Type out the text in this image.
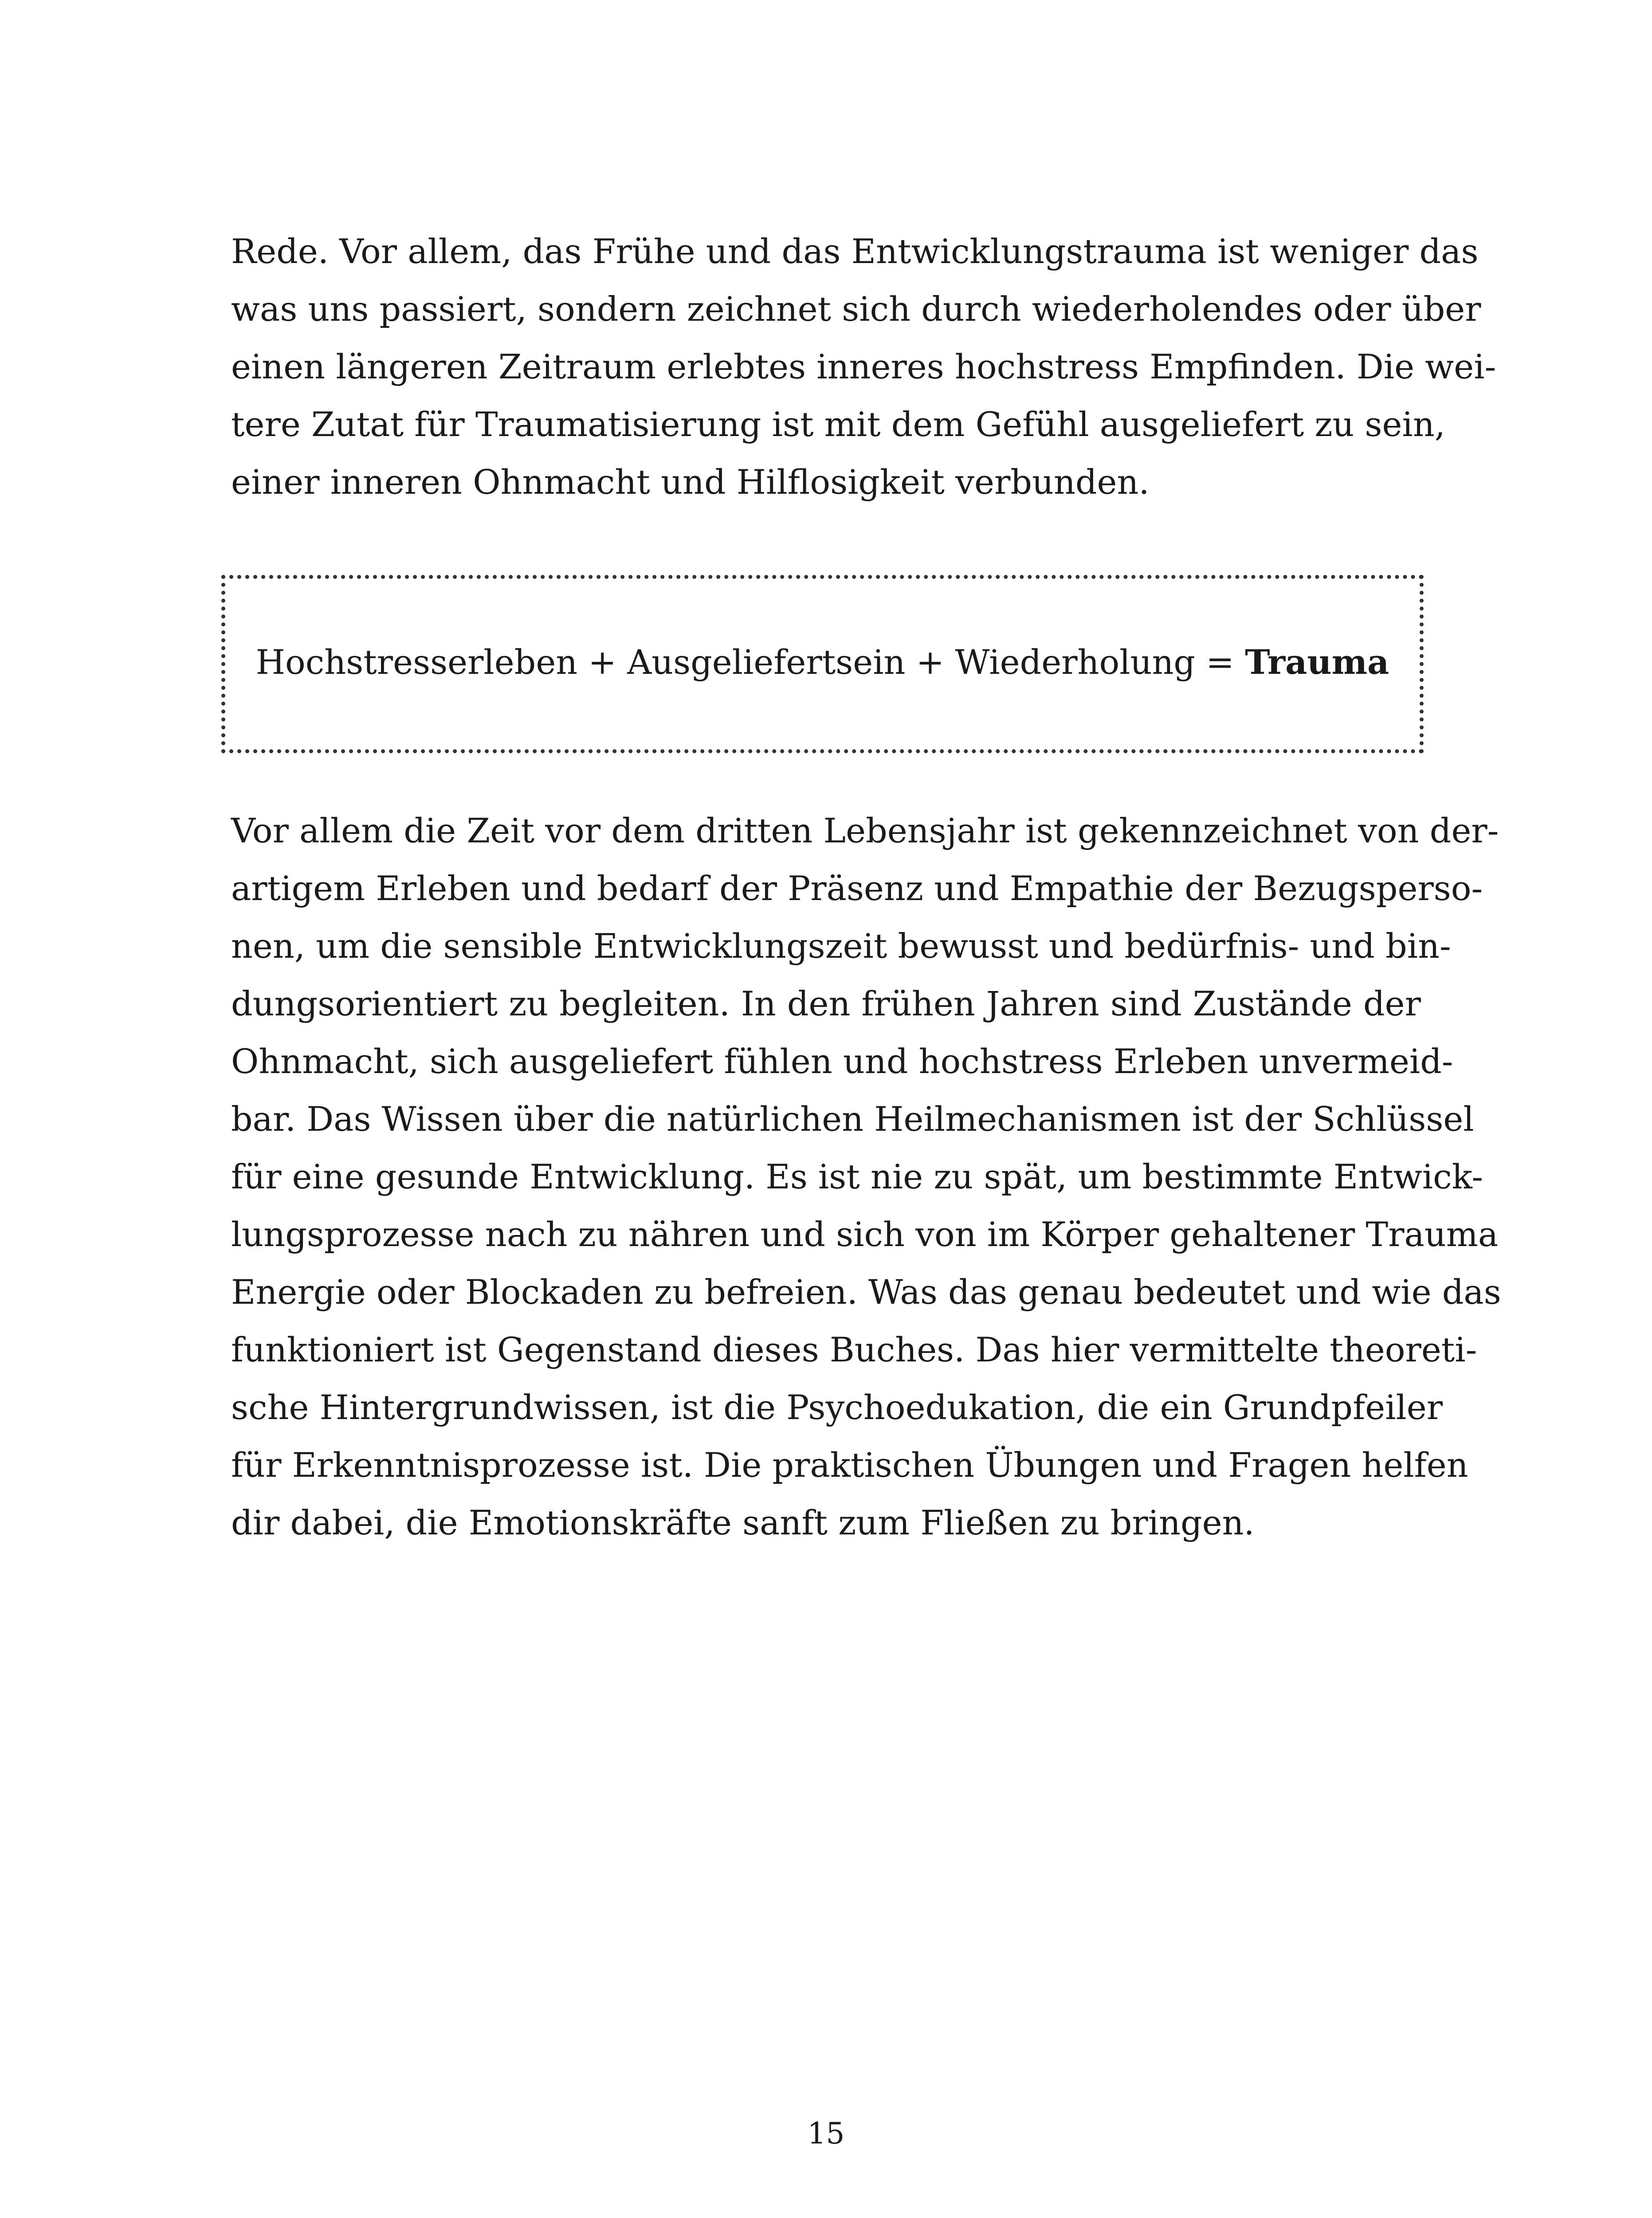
Rede. Vor allem, das Frühe und das Entwicklungstrauma ist weniger das
was uns passiert, sondern zeichnet sich durch wiederholendes oder über
einen längeren Zeitraum erlebtes inneres hochstress Empfinden. Die wei-
tere Zutat für Traumatisierung ist mit dem Gefühl ausgeliefert zu sein,
einer inneren Ohnmacht und Hilflosigkeit verbunden.
Hochstresserleben + Ausgeliefertsein + Wiederholung = Trauma
Vor allem die Zeit vor dem dritten Lebensjahr ist gekennzeichnet von der-
artigem Erleben und bedarf der Präsenz und Empathie der Bezugsperso-
nen, um die sensible Entwicklungszeit bewusst und bedürfnis- und bin-
dungsorientiert zu begleiten. In den frühen Jahren sind Zustände der
Ohnmacht, sich ausgeliefert fühlen und hochstress Erleben unvermeid-
bar. Das Wissen über die natürlichen Heilmechanismen ist der Schlüssel
für eine gesunde Entwicklung. Es ist nie zu spät, um bestimmte Entwick-
lungsprozesse nach zu nähren und sich von im Körper gehaltener Trauma
Energie oder Blockaden zu befreien. Was das genau bedeutet und wie das
funktioniert ist Gegenstand dieses Buches. Das hier vermittelte theoreti-
sche Hintergrundwissen, ist die Psychoedukation, die ein Grundpfeiler
für Erkenntnisprozesse ist. Die praktischen Übungen und Fragen helfen
dir dabei, die Emotionskräfte sanft zum Fließen zu bringen.
15
